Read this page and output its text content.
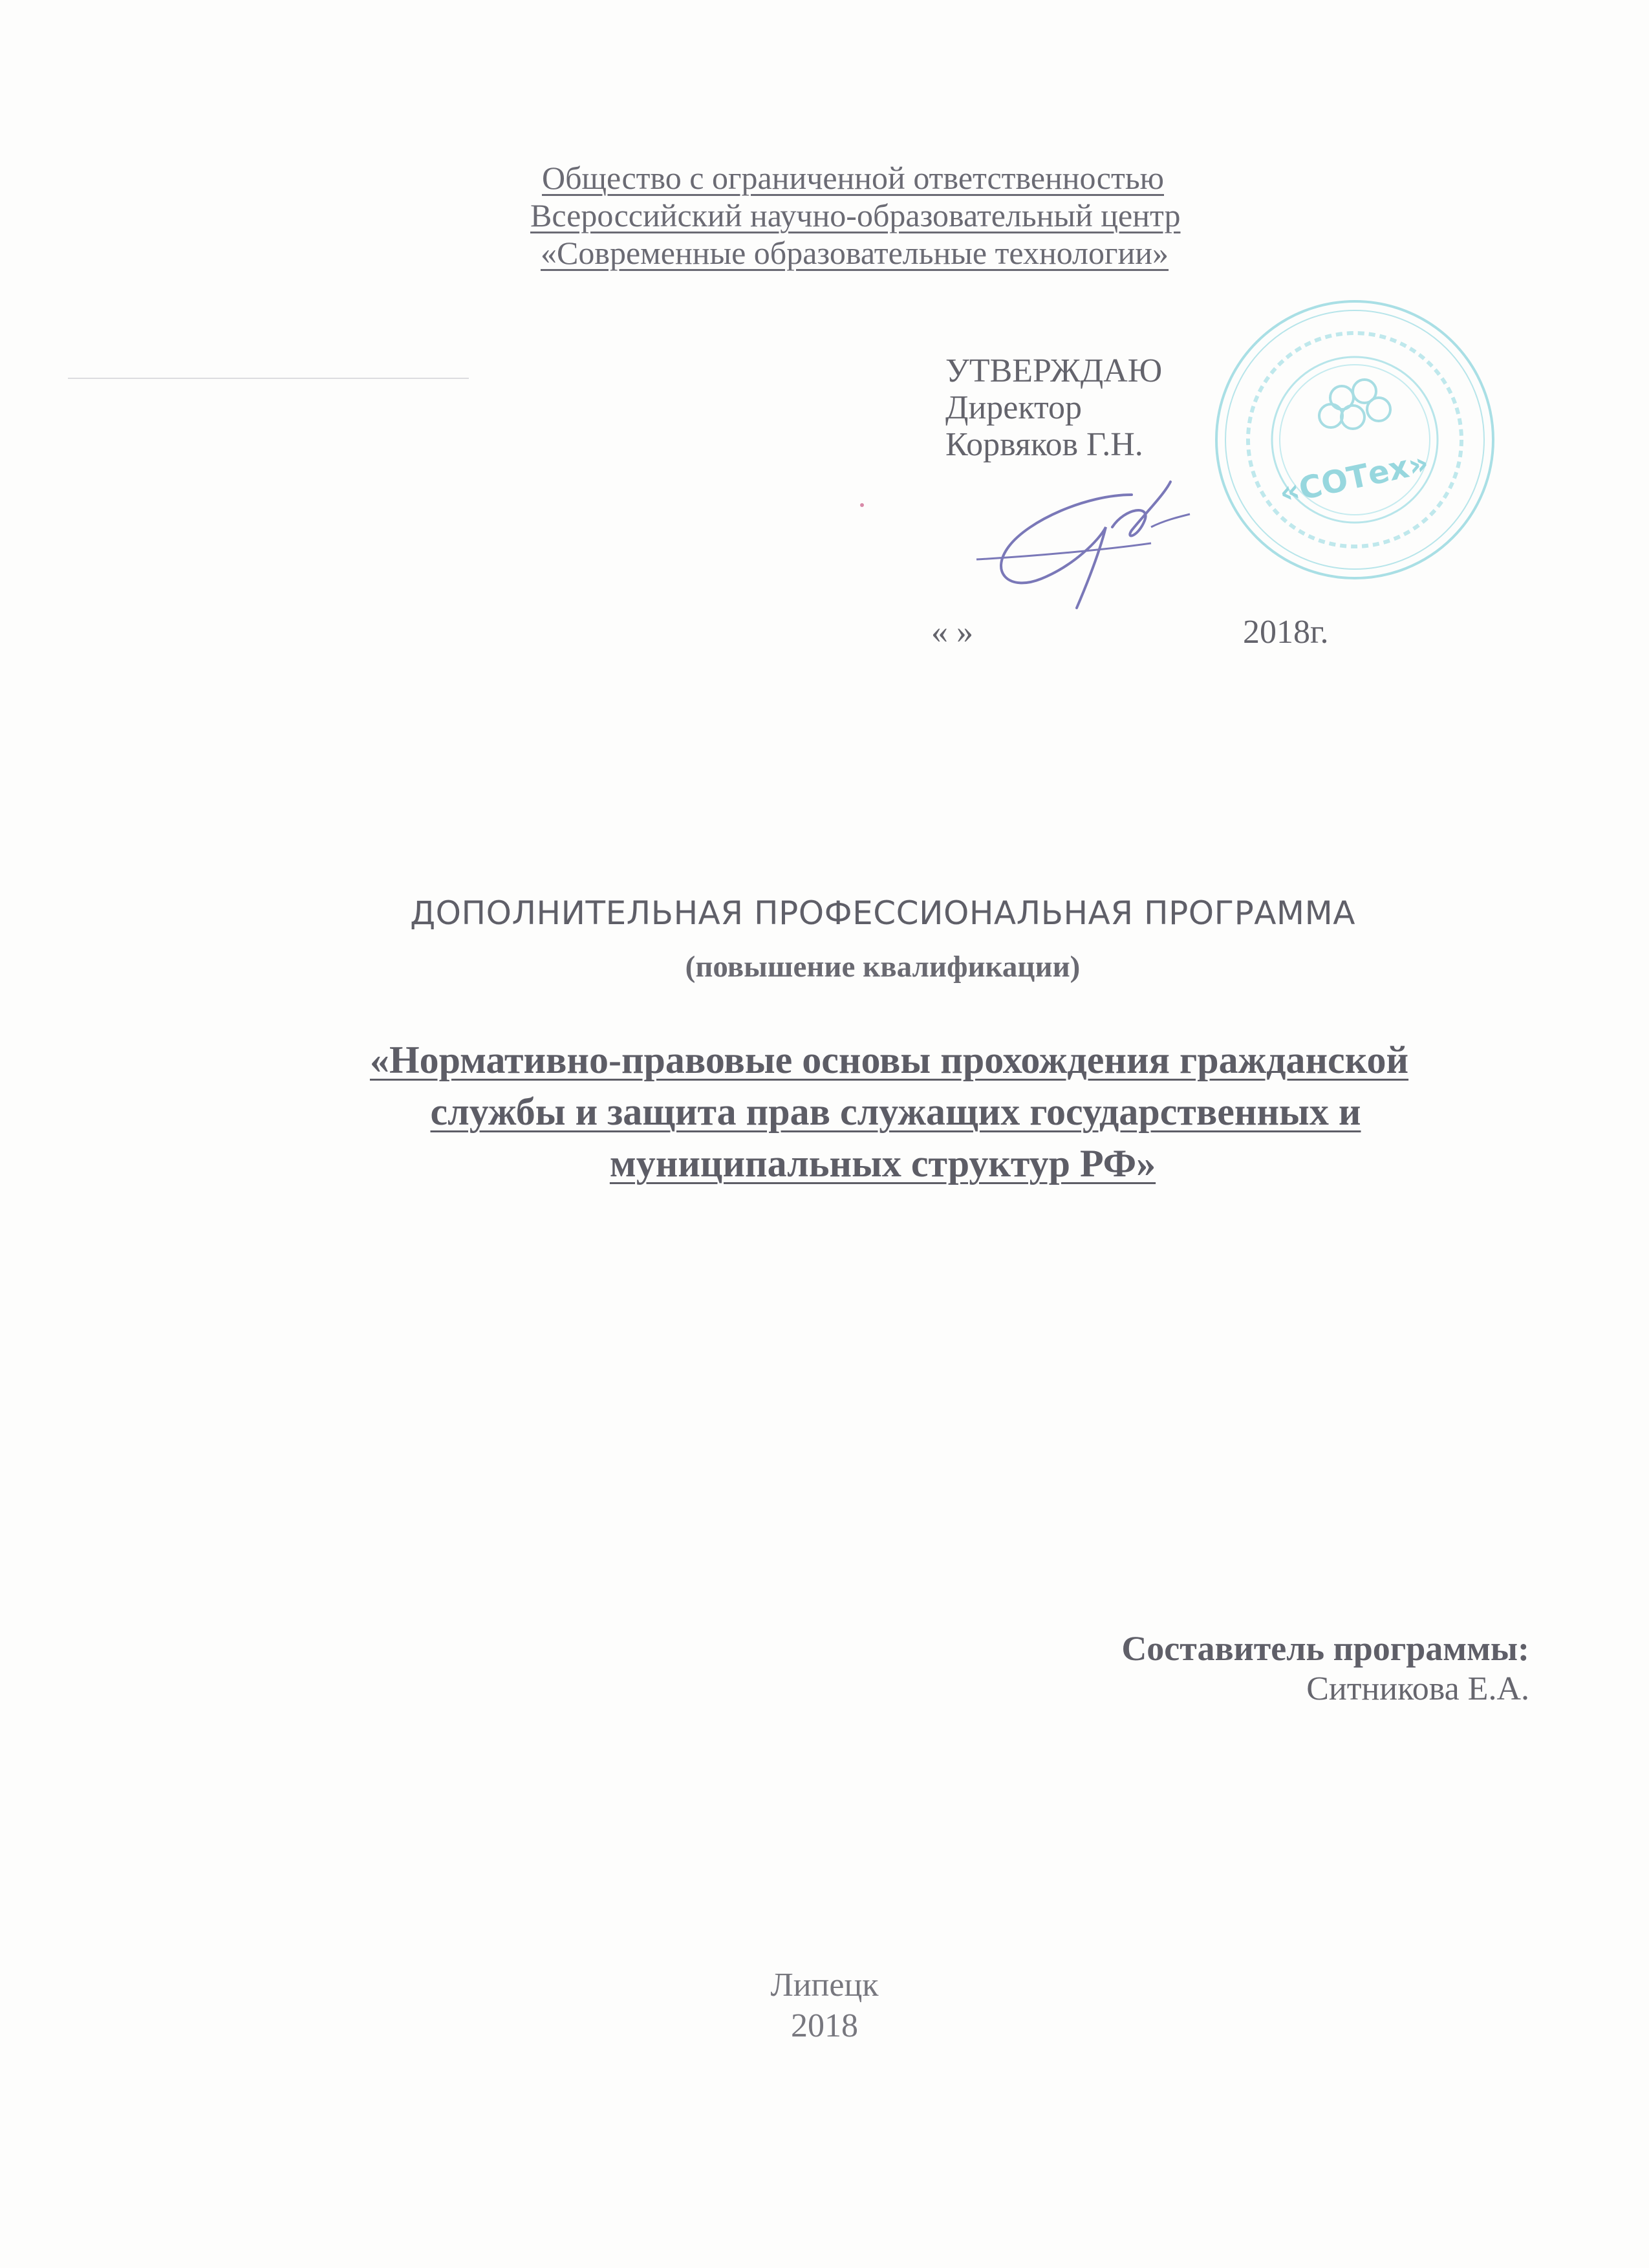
Общество с ограниченной ответственностью
Всероссийский научно-образовательный центр
«Современные образовательные технологии»
«СОТех»
УТВЕРЖДАЮ
Директор
Корвяков Г.Н.
« »	2018г.
ДОПОЛНИТЕЛЬНАЯ ПРОФЕССИОНАЛЬНАЯ ПРОГРАММА
(повышение квалификации)
«Нормативно-правовые основы прохождения гражданской
службы и защита прав служащих государственных и
муниципальных структур РФ»
Составитель программы:
Ситникова Е.А.
Липецк
2018
